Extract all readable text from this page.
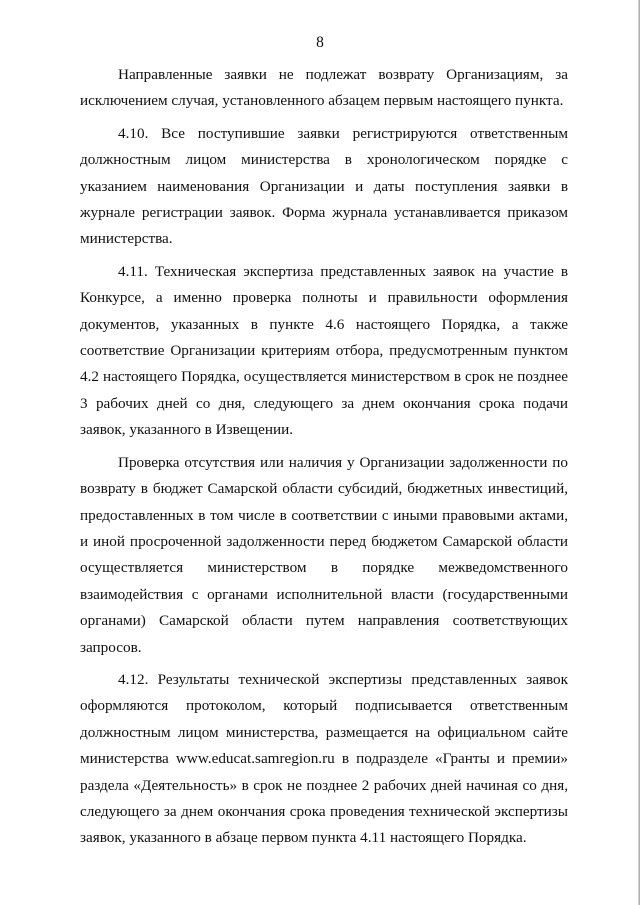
8

Направленные заявки не подлежат возврату Организациям, за исключением случая, установленного абзацем первым настоящего пункта.

4.10. Все поступившие заявки регистрируются ответственным должностным лицом министерства в хронологическом порядке с указанием наименования Организации и даты поступления заявки в журнале регистрации заявок. Форма журнала устанавливается приказом министерства.

4.11. Техническая экспертиза представленных заявок на участие в Конкурсе, а именно проверка полноты и правильности оформления документов, указанных в пункте 4.6 настоящего Порядка, а также соответствие Организации критериям отбора, предусмотренным пунктом 4.2 настоящего Порядка, осуществляется министерством в срок не позднее 3 рабочих дней со дня, следующего за днем окончания срока подачи заявок, указанного в Извещении.

Проверка отсутствия или наличия у Организации задолженности по возврату в бюджет Самарской области субсидий, бюджетных инвестиций, предоставленных в том числе в соответствии с иными правовыми актами, и иной просроченной задолженности перед бюджетом Самарской области осуществляется министерством в порядке межведомственного взаимодействия с органами исполнительной власти (государственными органами) Самарской области путем направления соответствующих запросов.

4.12. Результаты технической экспертизы представленных заявок оформляются протоколом, который подписывается ответственным должностным лицом министерства, размещается на официальном сайте министерства www.educat.samregion.ru в подразделе «Гранты и премии» раздела «Деятельность» в срок не позднее 2 рабочих дней начиная со дня, следующего за днем окончания срока проведения технической экспертизы заявок, указанного в абзаце первом пункта 4.11 настоящего Порядка.
